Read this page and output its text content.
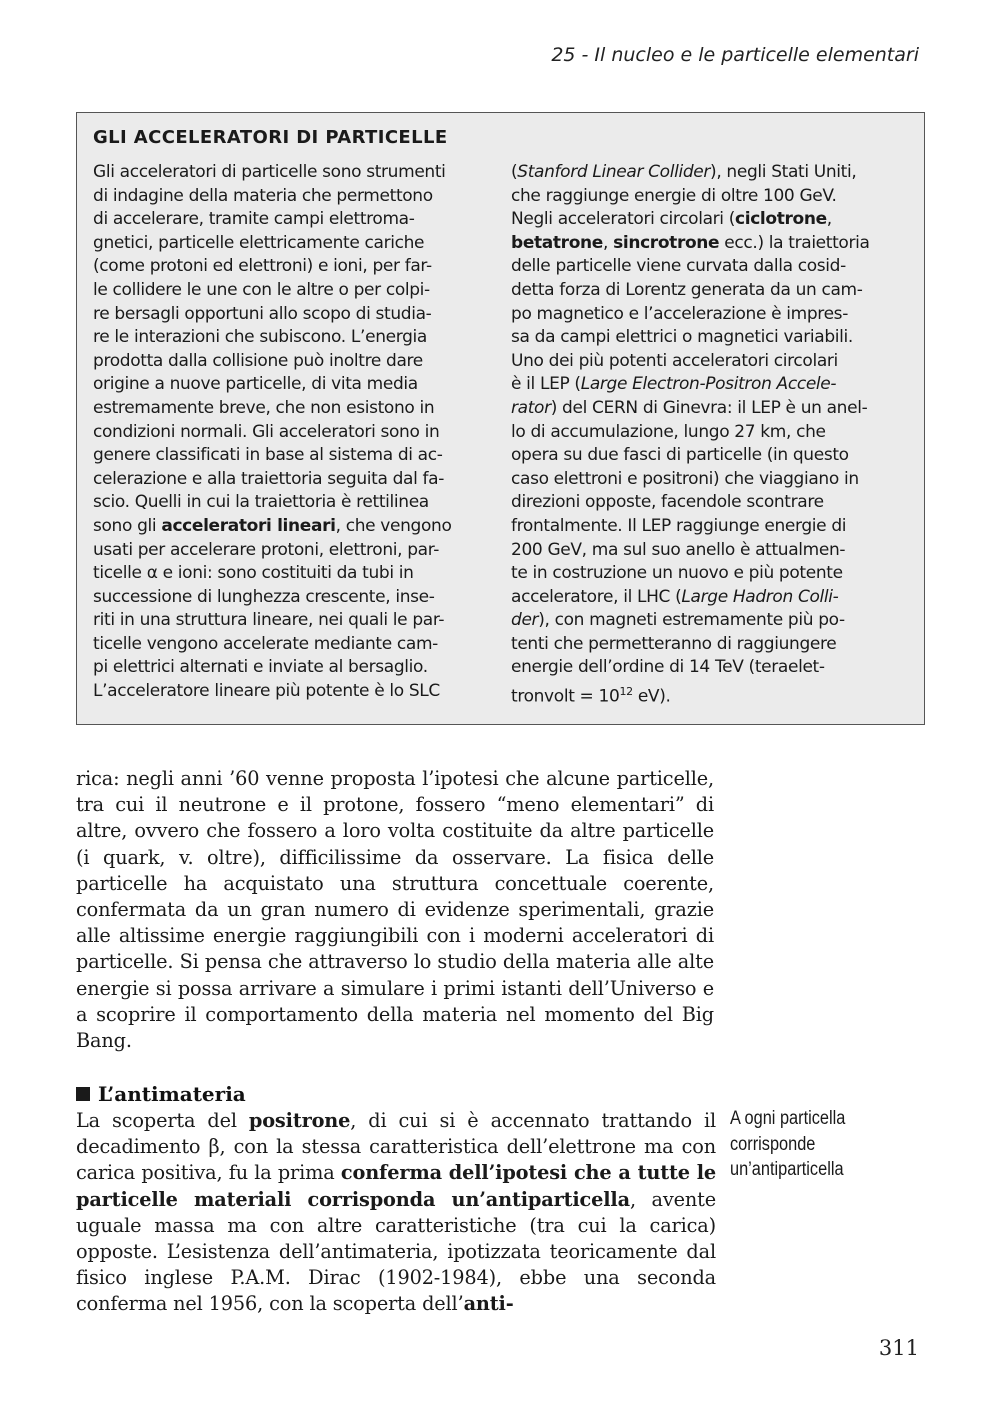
25 - Il nucleo e le particelle elementari
GLI ACCELERATORI DI PARTICELLE
Gli acceleratori di particelle sono strumenti
di indagine della materia che permettono
di accelerare, tramite campi elettroma-
gnetici, particelle elettricamente cariche
(come protoni ed elettroni) e ioni, per far-
le collidere le une con le altre o per colpi-
re bersagli opportuni allo scopo di studia-
re le interazioni che subiscono. L’energia
prodotta dalla collisione può inoltre dare
origine a nuove particelle, di vita media
estremamente breve, che non esistono in
condizioni normali. Gli acceleratori sono in
genere classificati in base al sistema di ac-
celerazione e alla traiettoria seguita dal fa-
scio. Quelli in cui la traiettoria è rettilinea
sono gli acceleratori lineari, che vengono
usati per accelerare protoni, elettroni, par-
ticelle α e ioni: sono costituiti da tubi in
successione di lunghezza crescente, inse-
riti in una struttura lineare, nei quali le par-
ticelle vengono accelerate mediante cam-
pi elettrici alternati e inviate al bersaglio.
L’acceleratore lineare più potente è lo SLC
(Stanford Linear Collider), negli Stati Uniti,
che raggiunge energie di oltre 100 GeV.
Negli acceleratori circolari (ciclotrone,
betatrone, sincrotrone ecc.) la traiettoria
delle particelle viene curvata dalla cosid-
detta forza di Lorentz generata da un cam-
po magnetico e l’accelerazione è impres-
sa da campi elettrici o magnetici variabili.
Uno dei più potenti acceleratori circolari
è il LEP (Large Electron-Positron Accele-
rator) del CERN di Ginevra: il LEP è un anel-
lo di accumulazione, lungo 27 km, che
opera su due fasci di particelle (in questo
caso elettroni e positroni) che viaggiano in
direzioni opposte, facendole scontrare
frontalmente. Il LEP raggiunge energie di
200 GeV, ma sul suo anello è attualmen-
te in costruzione un nuovo e più potente
acceleratore, il LHC (Large Hadron Colli-
der), con magneti estremamente più po-
tenti che permetteranno di raggiungere
energie dell’ordine di 14 TeV (teraelet-
tronvolt = $10^{12}$ eV).

rica: negli anni ’60 venne proposta l’ipotesi che alcune particelle, tra cui il neutrone e il protone, fossero “meno elementari” di altre, ovvero che fossero a loro volta costituite da altre particelle (i quark, v. oltre), difficilissime da osservare. La fisica delle particelle ha acquistato una struttura concettuale coerente, confermata da un gran numero di evidenze sperimentali, grazie alle altissime energie raggiungibili con i moderni acceleratori di particelle. Si pensa che attraverso lo studio della materia alle alte energie si possa arrivare a simulare i primi istanti dell’Universo e a scoprire il comportamento della materia nel momento del Big Bang.

L’antimateria

La scoperta del positrone, di cui si è accennato trattando il decadimento β, con la stessa caratteristica dell’elettrone ma con carica positiva, fu la prima conferma dell’ipotesi che a tutte le particelle materiali corrisponda un’antiparticella, avente uguale massa ma con altre caratteristiche (tra cui la carica) opposte. L’esistenza dell’antimateria, ipotizzata teoricamente dal fisico inglese P.A.M. Dirac (1902-1984), ebbe una seconda conferma nel 1956, con la scoperta dell’anti-

A ogni particella
corrisponde
un’antiparticella
311
